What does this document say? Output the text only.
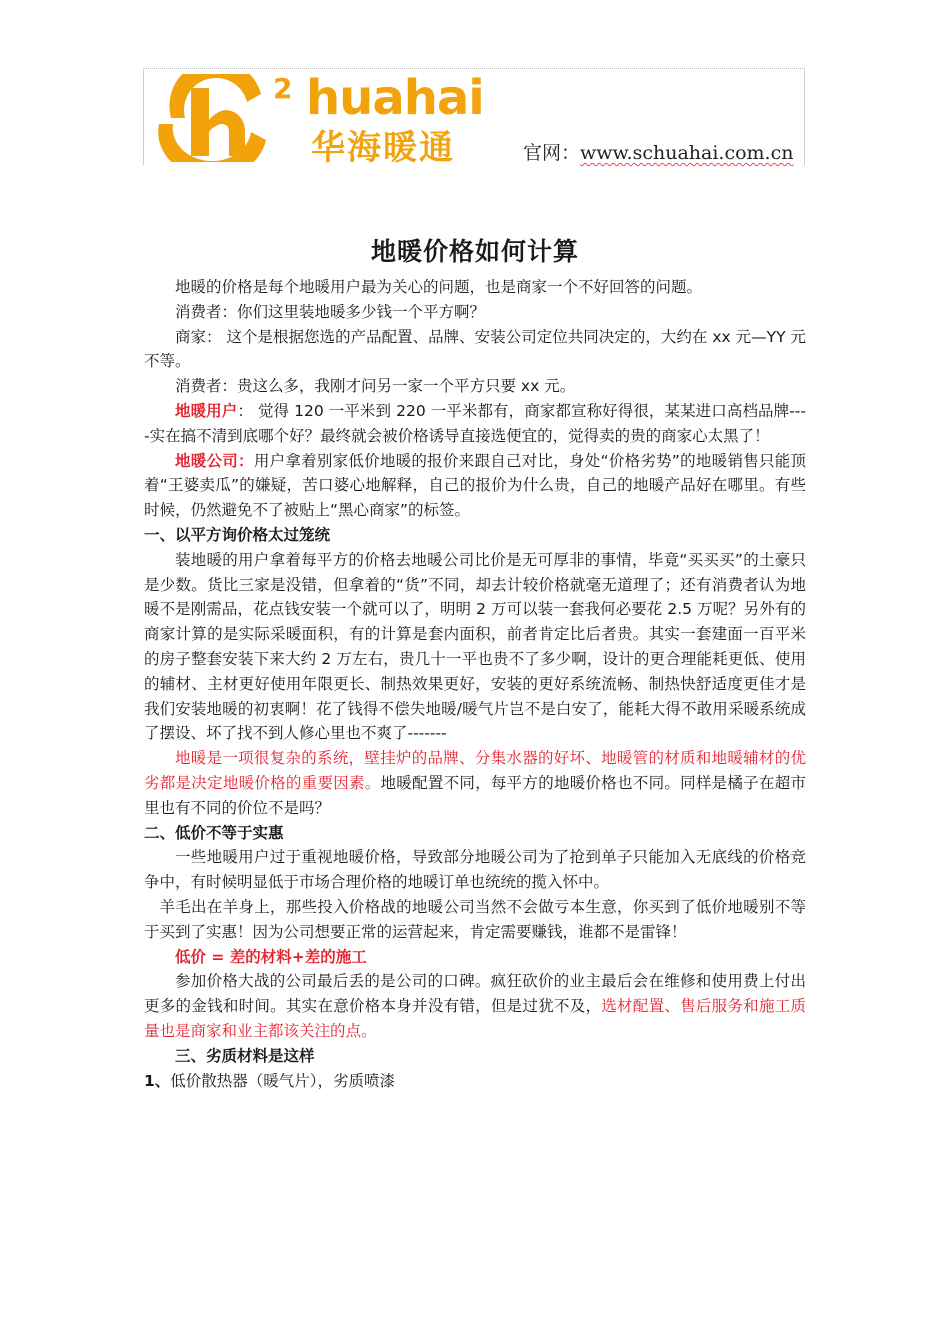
2 huahai
华海暖通	官网：www.schuahai.com.cn
地暖价格如何计算

地暖的价格是每个地暖用户最为关心的问题，也是商家一个不好回答的问题。

消费者：你们这里装地暖多少钱一个平方啊？

商家： 这个是根据您选的产品配置、品牌、安装公司定位共同决定的，大约在 xx 元—YY 元不等。

消费者：贵这么多，我刚才问另一家一个平方只要 xx 元。

地暖用户： 觉得 120 一平米到 220 一平米都有，商家都宣称好得很，某某进口高档品牌----实在搞不清到底哪个好？最终就会被价格诱导直接选便宜的，觉得卖的贵的商家心太黑了！

地暖公司：用户拿着别家低价地暖的报价来跟自己对比，身处“价格劣势”的地暖销售只能顶着“王婆卖瓜”的嫌疑，苦口婆心地解释，自己的报价为什么贵，自己的地暖产品好在哪里。有些时候，仍然避免不了被贴上“黑心商家”的标签。

一、以平方询价格太过笼统

装地暖的用户拿着每平方的价格去地暖公司比价是无可厚非的事情，毕竟“买买买”的土豪只是少数。货比三家是没错，但拿着的“货”不同，却去计较价格就毫无道理了；还有消费者认为地暖不是刚需品，花点钱安装一个就可以了，明明 2 万可以装一套我何必要花 2.5 万呢？另外有的商家计算的是实际采暖面积，有的计算是套内面积，前者肯定比后者贵。其实一套建面一百平米的房子整套安装下来大约 2 万左右，贵几十一平也贵不了多少啊，设计的更合理能耗更低、使用的辅材、主材更好使用年限更长、制热效果更好，安装的更好系统流畅、制热快舒适度更佳才是我们安装地暖的初衷啊！花了钱得不偿失地暖/暖气片岂不是白安了，能耗大得不敢用采暖系统成了摆设、坏了找不到人修心里也不爽了-------

地暖是一项很复杂的系统，壁挂炉的品牌、分集水器的好坏、地暖管的材质和地暖辅材的优劣都是决定地暖价格的重要因素。地暖配置不同，每平方的地暖价格也不同。同样是橘子在超市里也有不同的价位不是吗？

二、低价不等于实惠

一些地暖用户过于重视地暖价格，导致部分地暖公司为了抢到单子只能加入无底线的价格竞争中，有时候明显低于市场合理价格的地暖订单也统统的揽入怀中。

羊毛出在羊身上，那些投入价格战的地暖公司当然不会做亏本生意，你买到了低价地暖别不等于买到了实惠！因为公司想要正常的运营起来，肯定需要赚钱，谁都不是雷锋！

低价 = 差的材料+差的施工

参加价格大战的公司最后丢的是公司的口碑。疯狂砍价的业主最后会在维修和使用费上付出更多的金钱和时间。其实在意价格本身并没有错，但是过犹不及，选材配置、售后服务和施工质量也是商家和业主都该关注的点。

三、劣质材料是这样

1、低价散热器（暖气片），劣质喷漆
